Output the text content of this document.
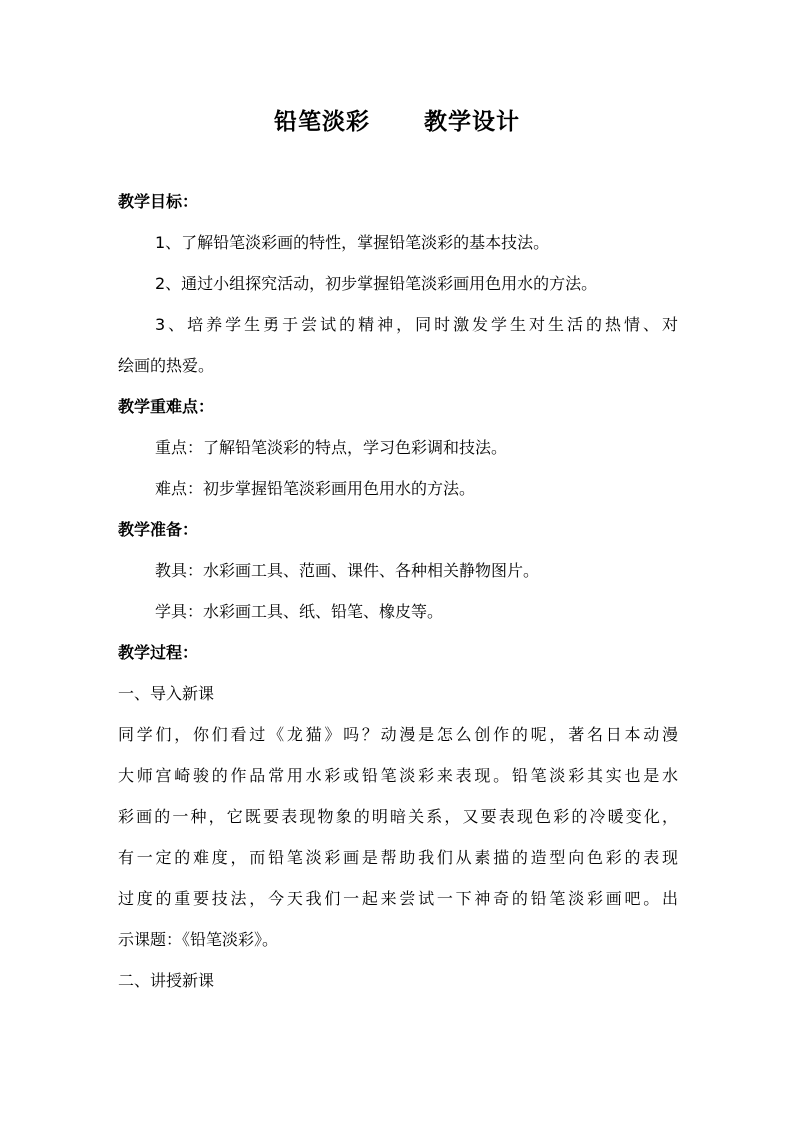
铅笔淡彩      教学设计

教学目标：

1、了解铅笔淡彩画的特性，掌握铅笔淡彩的基本技法。

2、通过小组探究活动，初步掌握铅笔淡彩画用色用水的方法。

3、培养学生勇于尝试的精神，同时激发学生对生活的热情、对

绘画的热爱。

教学重难点：

重点：了解铅笔淡彩的特点，学习色彩调和技法。

难点：初步掌握铅笔淡彩画用色用水的方法。

教学准备：

教具：水彩画工具、范画、课件、各种相关静物图片。

学具：水彩画工具、纸、铅笔、橡皮等。

教学过程：

一、导入新课

同学们，你们看过《龙猫》吗？动漫是怎么创作的呢，著名日本动漫

大师宫崎骏的作品常用水彩或铅笔淡彩来表现。铅笔淡彩其实也是水

彩画的一种，它既要表现物象的明暗关系，又要表现色彩的冷暖变化，

有一定的难度，而铅笔淡彩画是帮助我们从素描的造型向色彩的表现

过度的重要技法，今天我们一起来尝试一下神奇的铅笔淡彩画吧。出

示课题：《铅笔淡彩》。

二、讲授新课
